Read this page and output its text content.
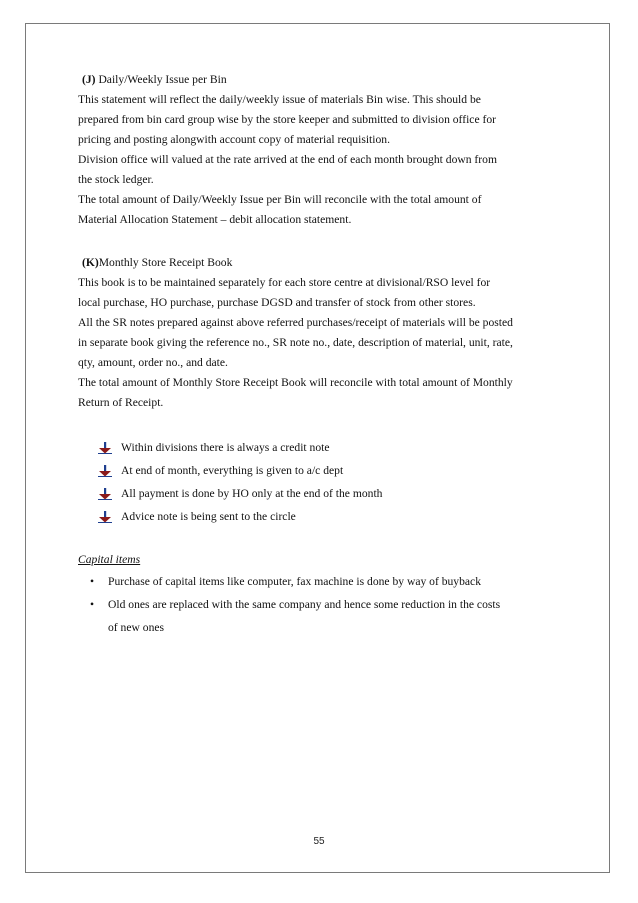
(J) Daily/Weekly Issue per Bin

This statement will reflect the daily/weekly issue of materials Bin wise. This should be

prepared from bin card group wise by the store keeper and submitted to division office for

pricing and posting alongwith account copy of material requisition.

Division office will valued at the rate arrived at the end of each month brought down from

the stock ledger.

The total amount of Daily/Weekly Issue per Bin will reconcile with the total amount of

Material Allocation Statement – debit allocation statement.

(K)Monthly Store Receipt Book

This book is to be maintained separately for each store centre at divisional/RSO level for

local purchase, HO purchase, purchase DGSD and transfer of stock from other stores.

All the SR notes prepared against above referred purchases/receipt of materials will be posted

in separate book giving the reference no., SR note no., date, description of material, unit, rate,

qty, amount, order no., and date.

The total amount of Monthly Store Receipt Book will reconcile with total amount of Monthly

Return of Receipt.

Within divisions there is always a credit note
At end of month, everything is given to a/c dept
All payment is done by HO only at the end of the month
Advice note is being sent to the circle
Capital items
•	Purchase of capital items like computer, fax machine is done by way of buyback
•	Old ones are replaced with the same company and hence some reduction in the costs
of new ones
55
